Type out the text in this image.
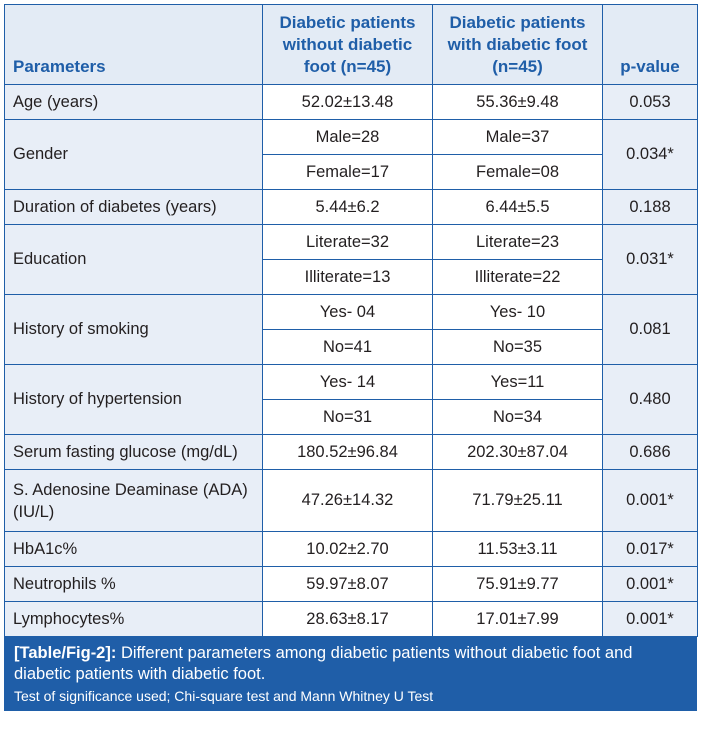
Parameters	Diabetic patients without diabetic foot (n=45)	Diabetic patients with diabetic foot (n=45)	p-value
Age (years)	52.02±13.48	55.36±9.48	0.053
Gender	Male=28	Male=37	0.034*
	Female=17	Female=08	
Duration of diabetes (years)	5.44±6.2	6.44±5.5	0.188
Education	Literate=32	Literate=23	0.031*
	Illiterate=13	Illiterate=22	
History of smoking	Yes- 04	Yes- 10	0.081
	No=41	No=35	
History of hypertension	Yes- 14	Yes=11	0.480
	No=31	No=34	
Serum fasting glucose (mg/dL)	180.52±96.84	202.30±87.04	0.686
S. Adenosine Deaminase (ADA) (IU/L)	47.26±14.32	71.79±25.11	0.001*
HbA1c%	10.02±2.70	11.53±3.11	0.017*
Neutrophils %	59.97±8.07	75.91±9.77	0.001*
Lymphocytes%	28.63±8.17	17.01±7.99	0.001*
[Table/Fig-2]: Different parameters among diabetic patients without diabetic foot and diabetic patients with diabetic foot.
Test of significance used; Chi-square test and Mann Whitney U Test
